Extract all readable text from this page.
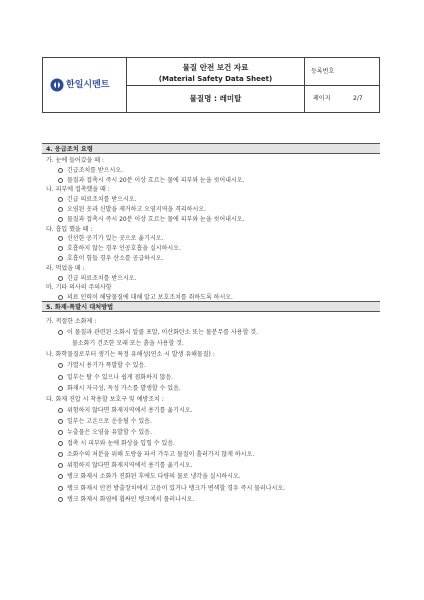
한일시멘트
물질 안전 보건 자료
(Material Safety Data Sheet)
물질명 : 레미탈
등록번호
페이지	2/7
4. 응급조치 요령
가. 눈에 들어갔을 때 :
긴급조치를 받으시오.
물질과 접촉시 즉시 20분 이상 흐르는 물에 피부와 눈을 씻어내시오.
나. 피부에 접촉했을 때 :
긴급 의료조치를 받으시오.
오염된 옷과 신발을 제거하고 오염지역을 격리하시오.
물질과 접촉시 즉시 20분 이상 흐르는 물에 피부와 눈을 씻어내시오.
다. 흡입 했을 때 :
신선한 공기가 있는 곳으로 옮기시오.
호흡하지 않는 경우 인공호흡을 실시하시오.
호흡이 힘들 경우 산소를 공급하시오.
라. 먹었을 때 :
긴급 의료조치를 받으시오.
마. 기타 의사의 주의사항
의료 인력이 해당물질에 대해 알고 보호조치를 취하도록 하시오.
5. 화재·폭발시 대처방법
가. 적절한 소화제 :
이 물질과 관련된 소화시 알콜 포말, 이산화탄소 또는 물분무를 사용할 것.
물소화기 건조한 모래 또는 흙을 사용할 것.
나. 화학물질로부터 생기는 특정 유해성(연소 시 발생 유해물질) :
가열시 용기가 폭발할 수 있음.
일부는 탈 수 있으나 쉽게 점화하지 않음.
화재시 자극성, 독성 가스를 발생할 수 있음.
다. 화재 진압 시 착용할 보호구 및 예방조치 :
위험하지 않다면 화재지역에서 용기를 옮기시오.
일부는 고온으로 운송될 수 있음.
누출물은 오염을 유발할 수 있음.
접촉 시 피부와 눈에 화상을 입힐 수 있음.
소화수의 처분을 위해 도랑을 파서 가두고 물질이 흘러가지 않게 하시오.
위험하지 않다면 화재지역에서 용기를 옮기시오.
탱크 화재시 소화가 진화된 후에도 다량의 물로 냉각을 실시하시오.
탱크 화재시 안전 방출장치에서 고음이 있거나 탱크가 변색할 경우 즉시 물러나시오.
탱크 화재시 화염에 휩싸인 탱크에서 물러나시오.
